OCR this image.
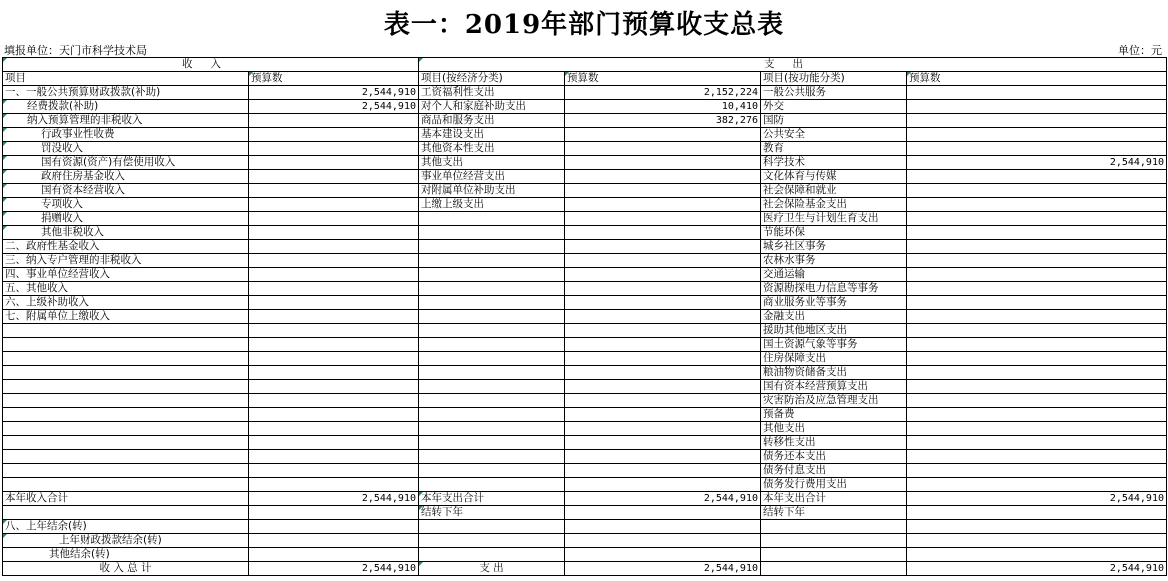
表一：2019年部门预算收支总表
填报单位：天门市科学技术局	单位：元
收入		支出			
项目	预算数	项目(按经济分类)	预算数	项目(按功能分类)	预算数
一、一般公共预算财政拨款(补助)	2,544,910	工资福利性支出	2,152,224	一般公共服务	
经费拨款(补助)	2,544,910	对个人和家庭补助支出	10,410	外交	
纳入预算管理的非税收入		商品和服务支出	382,276	国防	
行政事业性收费		基本建设支出		公共安全	
罚没收入		其他资本性支出		教育	
国有资源(资产)有偿使用收入		其他支出		科学技术	2,544,910
政府住房基金收入		事业单位经营支出		文化体育与传媒	
国有资本经营收入		对附属单位补助支出		社会保障和就业	
专项收入		上缴上级支出		社会保险基金支出	
捐赠收入				医疗卫生与计划生育支出	
其他非税收入				节能环保	
二、政府性基金收入				城乡社区事务	
三、纳入专户管理的非税收入				农林水事务	
四、事业单位经营收入				交通运输	
五、其他收入				资源勘探电力信息等事务	
六、上级补助收入				商业服务业等事务	
七、附属单位上缴收入				金融支出	
				援助其他地区支出	
				国土资源气象等事务	
				住房保障支出	
				粮油物资储备支出	
				国有资本经营预算支出	
				灾害防治及应急管理支出	
				预备费	
				其他支出	
				转移性支出	
				债务还本支出	
				债务付息支出	
				债务发行费用支出	
本年收入合计	2,544,910	本年支出合计	2,544,910	本年支出合计	2,544,910
		结转下年		结转下年	
八、上年结余(转)					
上年财政拨款结余(转)					
其他结余(转)					
收 入 总 计	2,544,910	支 出	2,544,910		2,544,910
